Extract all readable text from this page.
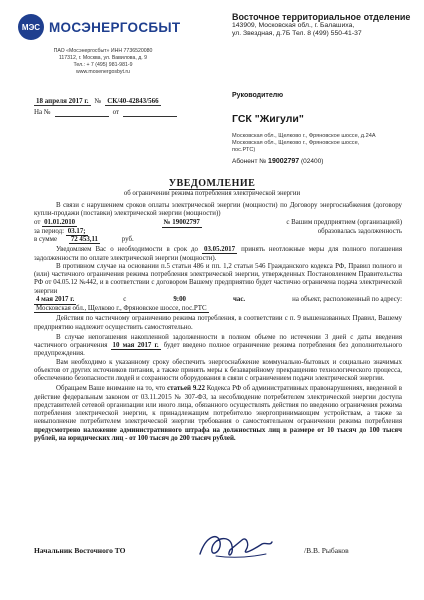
МЭС МОСЭНЕРГОСБЫТ
ПАО «Мосэнергосбыт» ИНН 7736520080
117312, г. Москва, ул. Вавилова, д. 9
Тел.: + 7 (495) 981-981-9
www.mosenergosbyt.ru
Восточное территориальное отделение
143909, Московская обл., г. Балашиха,
ул. Звездная, д.7Б Тел. 8 (499) 550-41-37
18 апреля 2017 г. № СК/40-42843/566
На №
	от

Руководителю
ГСК "Жигули"
Московская обл., Щелково г., Фряновское шоссе, д.24А
Московская обл., Щелково г., Фряновское шоссе,
пос.РТС)
Абонент № 19002797 (02400)
УВЕДОМЛЕНИЕ
об ограничении режима потребления электрической энергии

В связи с нарушением сроков оплаты электрической энергии (мощности) по Договору энергоснабжения (договору купли-продажи (поставки) электрической энергии (мощности))

от 01.01.2010	№ 19002797	с Вашим предприятием (организацией)
за период: 03.17;	образовалась задолженность
в сумме 72 453,11	руб.

Уведомляем Вас о необходимости в срок до 03.05.2017 принять неотложные меры для полного погашения задолженности по оплате электрической энергии (мощности).

В противном случае на основании п.5 статьи 486 и пп. 1,2 статьи 546 Гражданского кодекса РФ, Правил полного и (или) частичного ограничения режима потребления электрической энергии, утвержденных Постановлением Правительства РФ от 04.05.12 №442, и в соответствии с договором Вашему предприятию будет частично ограничена подача электрической энергии

4 мая 2017 г.	с	9:00	час.	на объект, расположенный по адресу:
Московская обл., Щелково г., Фряновское шоссе, пос.РТС

Действия по частичному ограничению режима потребления, в соответствии с п. 9 вышеназванных Правил, Вашему предприятию надлежит осуществить самостоятельно.

В случае непогашения накопленной задолженности в полном объеме по истечении 3 дней с даты введения частичного ограничения 10 мая 2017 г. будет введено полное ограничение режима потребления без дополнительного предупреждения.

Вам необходимо к указанному сроку обеспечить энергоснабжение коммунально-бытовых и социально значимых объектов от других источников питания, а также принять меры к безаварийному прекращению технологического процесса, обеспечению безопасности людей и сохранности оборудования в связи с ограничением подачи электрической энергии.

Обращаем Ваше внимание на то, что статьей 9.22 Кодекса РФ об административных правонарушениях, введенной в действие федеральным законом от 03.11.2015 № 307-ФЗ, за несоблюдение потребителем электрической энергии доступа представителей сетевой организации или иного лица, обязанного осуществлять действия по введению ограничения режима потребления электрической энергии, к принадлежащим потребителю энергопринимающим устройствам, а также за невыполнение потребителем электрической энергии требования о самостоятельном ограничении режима потребления предусмотрено наложение административного штрафа на должностных лиц в размере от 10 тысяч до 100 тысяч рублей, на юридических лиц - от 100 тысяч до 200 тысяч рублей.

Начальник Восточного ТО	/В.В. Рыбаков
